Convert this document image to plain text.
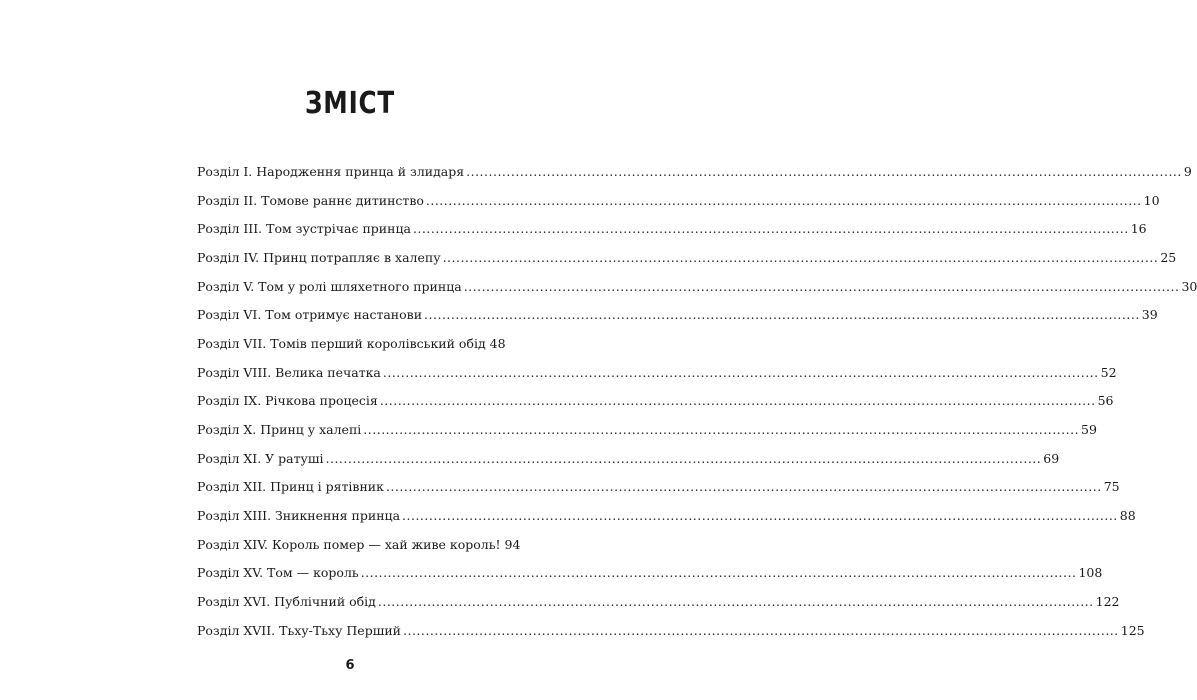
ЗМІСТ
Розділ І. Народження принца й злидаря .....	9
Розділ ІІ. Томове раннє дитинство .....	10
Розділ ІІІ. Том зустрічає принца .....	16
Розділ IV. Принц потрапляє в халепу .....	25
Розділ V. Том у ролі шляхетного принца .....	30
Розділ VI. Том отримує настанови .....	39
Розділ VII. Томів перший королівський обід 48
Розділ VIII. Велика печатка .....	52
Розділ IX. Річкова процесія .....	56
Розділ X. Принц у халепі .....	59
Розділ XI. У ратуші .....	69
Розділ XII. Принц і рятівник .....	75
Розділ XIII. Зникнення принца .....	88
Розділ XIV. Король помер — хай живе король! 94
Розділ XV. Том — король .....	108
Розділ XVI. Публічний обід .....	122
Розділ XVII. Тьху-Тьху Перший .....	125
6
